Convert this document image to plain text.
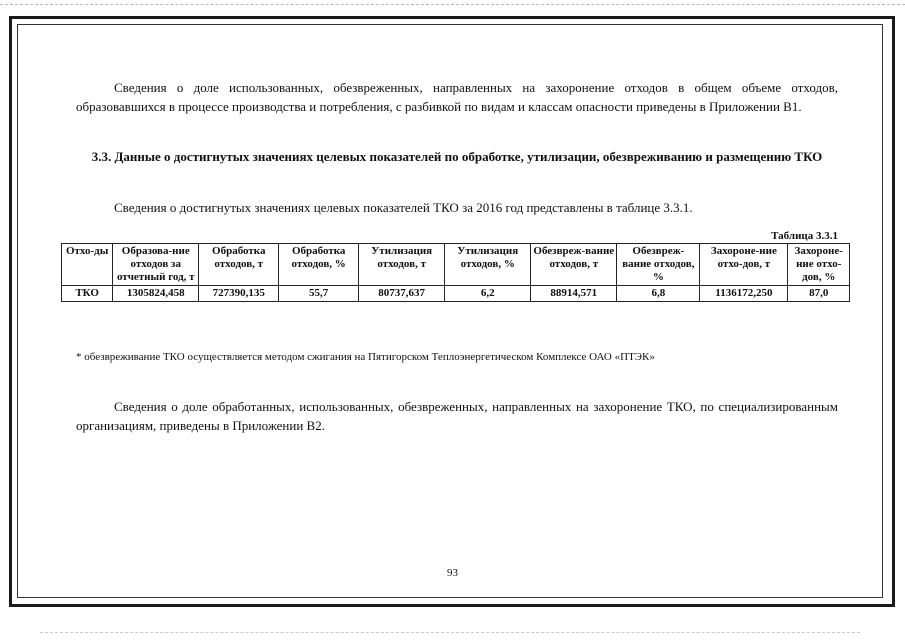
Сведения о доле использованных, обезвреженных, направленных на захоронение отходов в общем объеме отходов, образовавшихся в процессе производства и потребления, с разбивкой по видам и классам опасности приведены в Приложении В1.
3.3. Данные о достигнутых значениях целевых показателей по обработке, утилизации, обезвреживанию и размещению ТКО
Сведения о достигнутых значениях целевых показателей ТКО за 2016 год представлены в таблице 3.3.1.
Таблица 3.3.1
Отхо-ды	Образова-ние отходов за отчетный год, т	Обработка отходов, т	Обработка отходов, %	Утилизация отходов, т	Утилизация отходов, %	Обезвреж-вание отходов, т	Обезвреж-вание отходов, %	Захороне-ние отхо-дов, т	Захороне-ние отхо-дов, %
ТКО	1305824,458	727390,135	55,7	80737,637	6,2	88914,571	6,8	1136172,250	87,0
* обезвреживание ТКО осуществляется методом сжигания на Пятигорском Теплоэнергетическом Комплексе ОАО «ПТЭК»
Сведения о доле обработанных, использованных, обезвреженных, направленных на захоронение ТКО, по специализированным организациям, приведены в Приложении В2.
93
